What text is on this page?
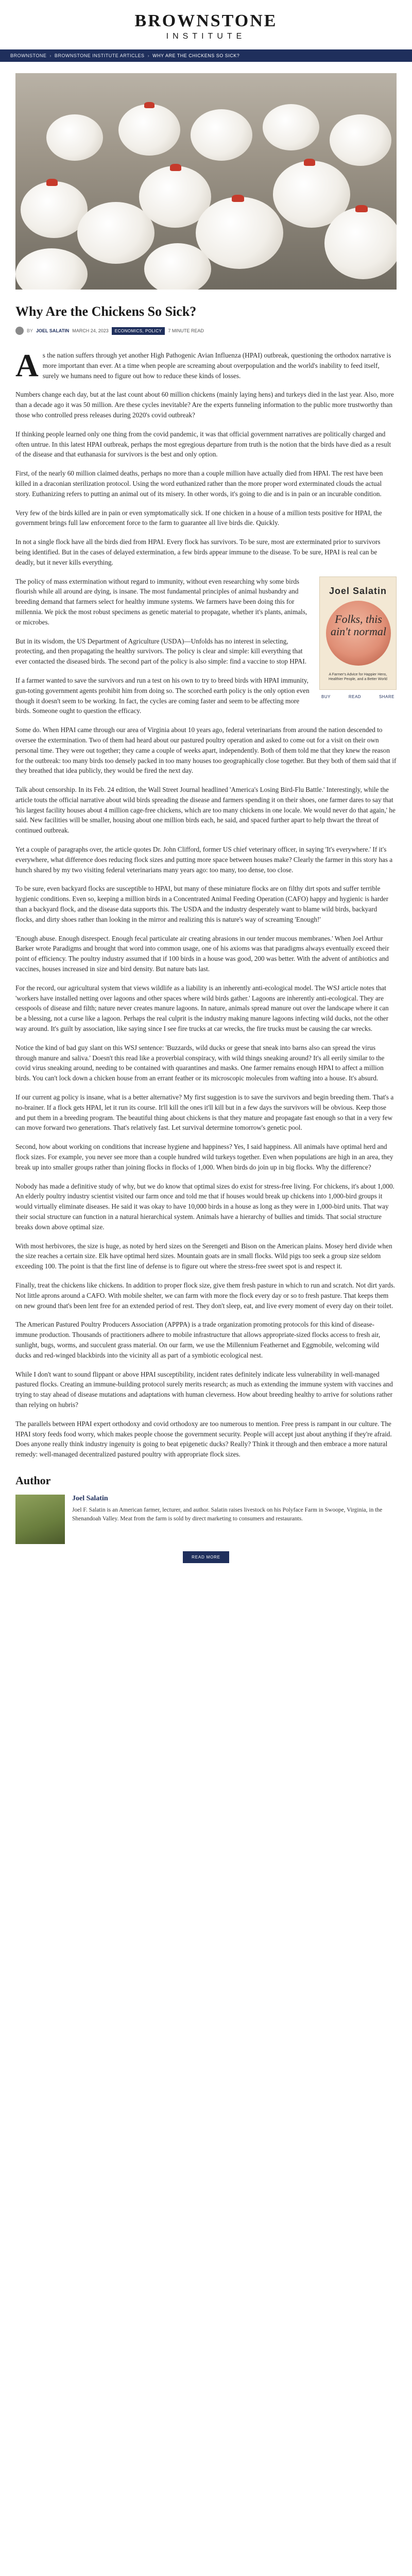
BROWNSTONE
INSTITUTE
BROWNSTONE › BROWNSTONE INSTITUTE ARTICLES › WHY ARE THE CHICKENS SO SICK?
Why Are the Chickens So Sick?
BY JOEL SALATIN MARCH 24, 2023	ECONOMICS, POLICY	7 MINUTE READ

As the nation suffers through yet another High Pathogenic Avian Influenza (HPAI) outbreak, questioning the orthodox narrative is more important than ever. At a time when people are screaming about overpopulation and the world's inability to feed itself, surely we humans need to figure out how to reduce these kinds of losses.

Numbers change each day, but at the last count about 60 million chickens (mainly laying hens) and turkeys died in the last year. Also, more than a decade ago it was 50 million. Are these cycles inevitable? Are the experts funneling information to the public more trustworthy than those who controlled press releases during 2020's covid outbreak?

If thinking people learned only one thing from the covid pandemic, it was that official government narratives are politically charged and often untrue. In this latest HPAI outbreak, perhaps the most egregious departure from truth is the notion that the birds have died as a result of the disease and that euthanasia for survivors is the best and only option.

First, of the nearly 60 million claimed deaths, perhaps no more than a couple million have actually died from HPAI. The rest have been killed in a draconian sterilization protocol. Using the word euthanized rather than the more proper word exterminated clouds the actual story. Euthanizing refers to putting an animal out of its misery. In other words, it's going to die and is in pain or an incurable condition.

Very few of the birds killed are in pain or even symptomatically sick. If one chicken in a house of a million tests positive for HPAI, the government brings full law enforcement force to the farm to guarantee all live birds die. Quickly.

In not a single flock have all the birds died from HPAI. Every flock has survivors. To be sure, most are exterminated prior to survivors being identified. But in the cases of delayed extermination, a few birds appear immune to the disease. To be sure, HPAI is real can be deadly, but it never kills everything.

Joel Salatin
Folks, this ain't normal
A Farmer's Advice for Happier Hens, Healthier People, and a Better World
BUY	READ	SHARE

The policy of mass extermination without regard to immunity, without even researching why some birds flourish while all around are dying, is insane. The most fundamental principles of animal husbandry and breeding demand that farmers select for healthy immune systems. We farmers have been doing this for millennia. We pick the most robust specimens as genetic material to propagate, whether it's plants, animals, or microbes.

But in its wisdom, the US Department of Agriculture (USDA)—Unfolds has no interest in selecting, protecting, and then propagating the healthy survivors. The policy is clear and simple: kill everything that ever contacted the diseased birds. The second part of the policy is also simple: find a vaccine to stop HPAI.

If a farmer wanted to save the survivors and run a test on his own to try to breed birds with HPAI immunity, gun-toting government agents prohibit him from doing so. The scorched earth policy is the only option even though it doesn't seem to be working. In fact, the cycles are coming faster and seem to be affecting more birds. Someone ought to question the efficacy.

Some do. When HPAI came through our area of Virginia about 10 years ago, federal veterinarians from around the nation descended to oversee the extermination. Two of them had heard about our pastured poultry operation and asked to come out for a visit on their own personal time. They were out together; they came a couple of weeks apart, independently. Both of them told me that they knew the reason for the outbreak: too many birds too densely packed in too many houses too geographically close together. But they both of them said that if they breathed that idea publicly, they would be fired the next day.

Talk about censorship. In its Feb. 24 edition, the Wall Street Journal headlined 'America's Losing Bird-Flu Battle.' Interestingly, while the article touts the official narrative about wild birds spreading the disease and farmers spending it on their shoes, one farmer dares to say that 'his largest facility houses about 4 million cage-free chickens, which are too many chickens in one locale. We would never do that again,' he said. New facilities will be smaller, housing about one million birds each, he said, and spaced further apart to help thwart the threat of continued outbreak.

Yet a couple of paragraphs over, the article quotes Dr. John Clifford, former US chief veterinary officer, in saying 'It's everywhere.' If it's everywhere, what difference does reducing flock sizes and putting more space between houses make? Clearly the farmer in this story has a hunch shared by my two visiting federal veterinarians many years ago: too many, too dense, too close.

To be sure, even backyard flocks are susceptible to HPAI, but many of these miniature flocks are on filthy dirt spots and suffer terrible hygienic conditions. Even so, keeping a million birds in a Concentrated Animal Feeding Operation (CAFO) happy and hygienic is harder than a backyard flock, and the disease data supports this. The USDA and the industry desperately want to blame wild birds, backyard flocks, and dirty shoes rather than looking in the mirror and realizing this is nature's way of screaming 'Enough!'

'Enough abuse. Enough disrespect. Enough fecal particulate air creating abrasions in our tender mucous membranes.' When Joel Arthur Barker wrote Paradigms and brought that word into common usage, one of his axioms was that paradigms always eventually exceed their point of efficiency. The poultry industry assumed that if 100 birds in a house was good, 200 was better. With the advent of antibiotics and vaccines, houses increased in size and bird density. But nature bats last.

For the record, our agricultural system that views wildlife as a liability is an inherently anti-ecological model. The WSJ article notes that 'workers have installed netting over lagoons and other spaces where wild birds gather.' Lagoons are inherently anti-ecological. They are cesspools of disease and filth; nature never creates manure lagoons. In nature, animals spread manure out over the landscape where it can be a blessing, not a curse like a lagoon. Perhaps the real culprit is the industry making manure lagoons infecting wild ducks, not the other way around. It's guilt by association, like saying since I see fire trucks at car wrecks, the fire trucks must be causing the car wrecks.

Notice the kind of bad guy slant on this WSJ sentence: 'Buzzards, wild ducks or geese that sneak into barns also can spread the virus through manure and saliva.' Doesn't this read like a proverbial conspiracy, with wild things sneaking around? It's all eerily similar to the covid virus sneaking around, needing to be contained with quarantines and masks. One farmer remains enough HPAI to affect a million birds. You can't lock down a chicken house from an errant feather or its microscopic molecules from wafting into a house. It's absurd.

If our current ag policy is insane, what is a better alternative? My first suggestion is to save the survivors and begin breeding them. That's a no-brainer. If a flock gets HPAI, let it run its course. It'll kill the ones it'll kill but in a few days the survivors will be obvious. Keep those and put them in a breeding program. The beautiful thing about chickens is that they mature and propagate fast enough so that in a very few can move forward two generations. That's relatively fast. Let survival determine tomorrow's genetic pool.

Second, how about working on conditions that increase hygiene and happiness? Yes, I said happiness. All animals have optimal herd and flock sizes. For example, you never see more than a couple hundred wild turkeys together. Even when populations are high in an area, they break up into smaller groups rather than joining flocks in flocks of 1,000. When birds do join up in big flocks. Why the difference?

Nobody has made a definitive study of why, but we do know that optimal sizes do exist for stress-free living. For chickens, it's about 1,000. An elderly poultry industry scientist visited our farm once and told me that if houses would break up chickens into 1,000-bird groups it would virtually eliminate diseases. He said it was okay to have 10,000 birds in a house as long as they were in 1,000-bird units. That way their social structure can function in a natural hierarchical system. Animals have a hierarchy of bullies and timids. That social structure breaks down above optimal size.

With most herbivores, the size is huge, as noted by herd sizes on the Serengeti and Bison on the American plains. Mosey herd divide when the size reaches a certain size. Elk have optimal herd sizes. Mountain goats are in small flocks. Wild pigs too seek a group size seldom exceeding 100. The point is that the first line of defense is to figure out where the stress-free sweet spot is and respect it.

Finally, treat the chickens like chickens. In addition to proper flock size, give them fresh pasture in which to run and scratch. Not dirt yards. Not little aprons around a CAFO. With mobile shelter, we can farm with more the flock every day or so to fresh pasture. That keeps them on new ground that's been lent free for an extended period of rest. They don't sleep, eat, and live every moment of every day on their toilet.

The American Pastured Poultry Producers Association (APPPA) is a trade organization promoting protocols for this kind of disease-immune production. Thousands of practitioners adhere to mobile infrastructure that allows appropriate-sized flocks access to fresh air, sunlight, bugs, worms, and succulent grass material. On our farm, we use the Millennium Feathernet and Eggmobile, welcoming wild ducks and red-winged blackbirds into the vicinity all as part of a symbiotic ecological nest.

While I don't want to sound flippant or above HPAI susceptibility, incident rates definitely indicate less vulnerability in well-managed pastured flocks. Creating an immune-building protocol surely merits research; as much as extending the immune system with vaccines and trying to stay ahead of disease mutations and adaptations with human cleverness. How about breeding healthy to arrive for solutions rather than relying on hubris?

The parallels between HPAI expert orthodoxy and covid orthodoxy are too numerous to mention. Free press is rampant in our culture. The HPAI story feeds food worry, which makes people choose the government security. People will accept just about anything if they're afraid. Does anyone really think industry ingenuity is going to beat epigenetic ducks? Really? Think it through and then embrace a more natural remedy: well-managed decentralized pastured poultry with appropriate flock sizes.

Author
Joel Salatin
Joel F. Salatin is an American farmer, lecturer, and author. Salatin raises livestock on his Polyface Farm in Swoope, Virginia, in the Shenandoah Valley. Meat from the farm is sold by direct marketing to consumers and restaurants.
READ MORE
